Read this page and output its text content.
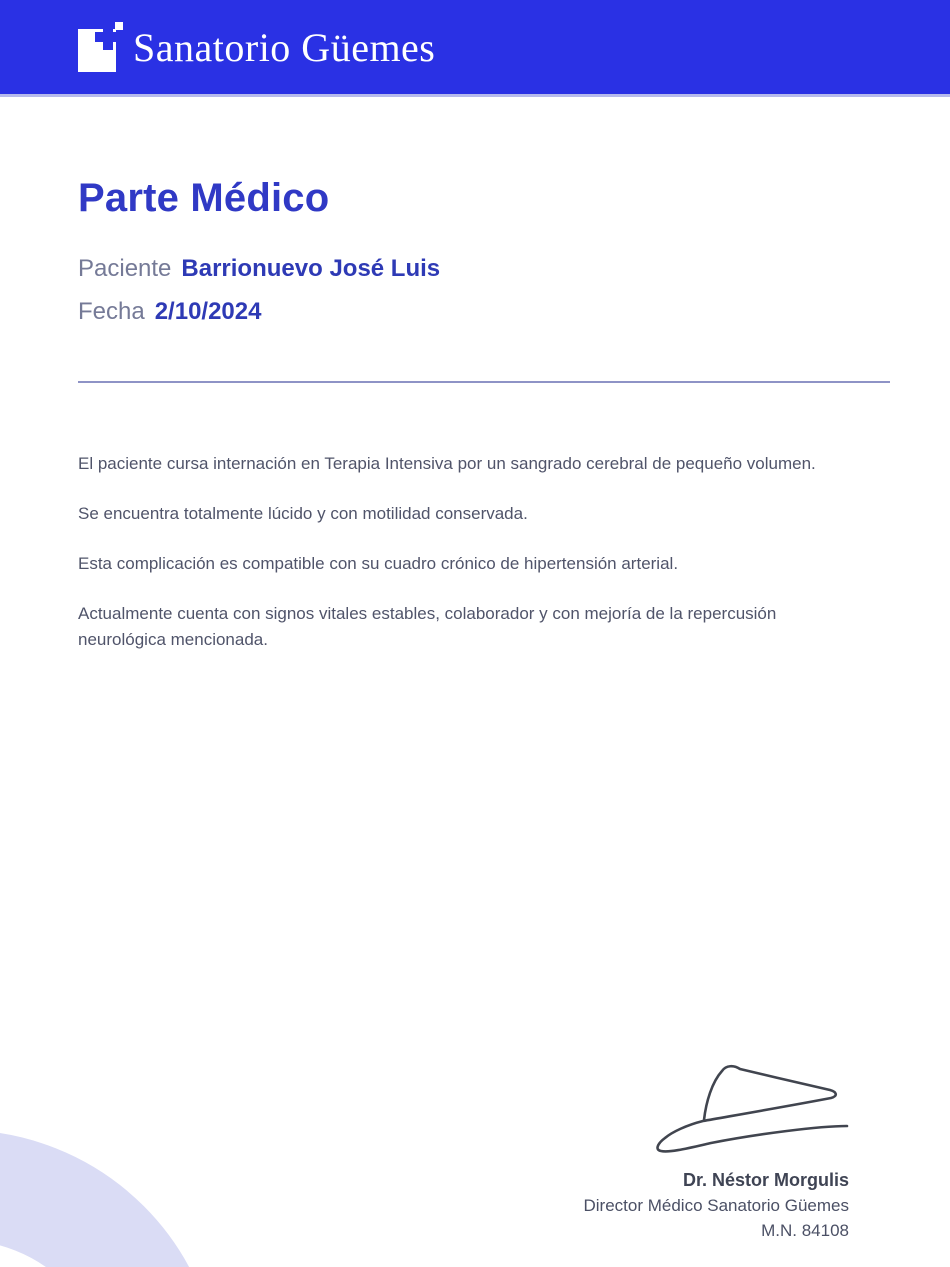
Sanatorio Güemes
Parte Médico
Paciente Barrionuevo José Luis
Fecha 2/10/2024

El paciente cursa internación en Terapia Intensiva por un sangrado cerebral de pequeño volumen.

Se encuentra totalmente lúcido y con motilidad conservada.

Esta complicación es compatible con su cuadro crónico de hipertensión arterial.

Actualmente cuenta con signos vitales estables, colaborador y con mejoría de la repercusión neurológica mencionada.

Dr. Néstor Morgulis
Director Médico Sanatorio Güemes
M.N. 84108
